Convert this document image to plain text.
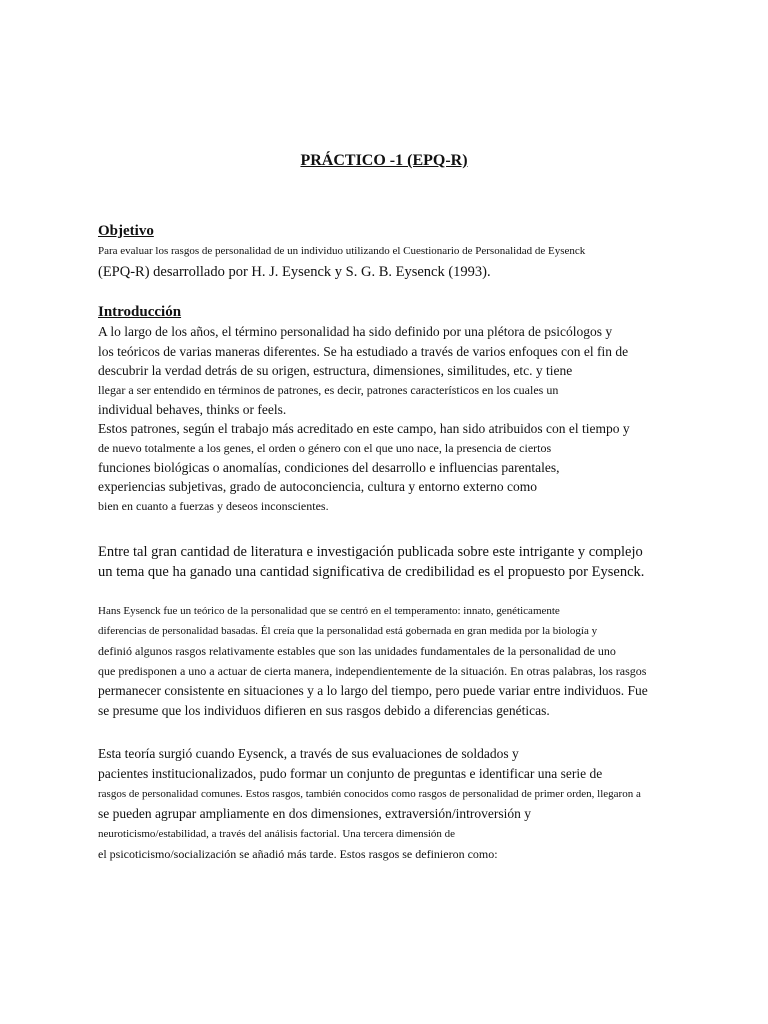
PRÁCTICO -1 (EPQ-R)
Objetivo
Para evaluar los rasgos de personalidad de un individuo utilizando el Cuestionario de Personalidad de Eysenck
(EPQ-R) desarrollado por H. J. Eysenck y S. G. B. Eysenck (1993).
Introducción
A lo largo de los años, el término personalidad ha sido definido por una plétora de psicólogos y
los teóricos de varias maneras diferentes. Se ha estudiado a través de varios enfoques con el fin de
descubrir la verdad detrás de su origen, estructura, dimensiones, similitudes, etc. y tiene
llegar a ser entendido en términos de patrones, es decir, patrones característicos en los cuales un
individual behaves, thinks or feels.
Estos patrones, según el trabajo más acreditado en este campo, han sido atribuidos con el tiempo y
de nuevo totalmente a los genes, el orden o género con el que uno nace, la presencia de ciertos
funciones biológicas o anomalías, condiciones del desarrollo e influencias parentales,
experiencias subjetivas, grado de autoconciencia, cultura y entorno externo como
bien en cuanto a fuerzas y deseos inconscientes.
Entre tal gran cantidad de literatura e investigación publicada sobre este intrigante y complejo
un tema que ha ganado una cantidad significativa de credibilidad es el propuesto por Eysenck.
Hans Eysenck fue un teórico de la personalidad que se centró en el temperamento: innato, genéticamente
diferencias de personalidad basadas. Él creía que la personalidad está gobernada en gran medida por la biología y
definió algunos rasgos relativamente estables que son las unidades fundamentales de la personalidad de uno
que predisponen a uno a actuar de cierta manera, independientemente de la situación. En otras palabras, los rasgos
permanecer consistente en situaciones y a lo largo del tiempo, pero puede variar entre individuos. Fue
se presume que los individuos difieren en sus rasgos debido a diferencias genéticas.
Esta teoría surgió cuando Eysenck, a través de sus evaluaciones de soldados y
pacientes institucionalizados, pudo formar un conjunto de preguntas e identificar una serie de
rasgos de personalidad comunes. Estos rasgos, también conocidos como rasgos de personalidad de primer orden, llegaron a
se pueden agrupar ampliamente en dos dimensiones, extraversión/introversión y
neuroticismo/estabilidad, a través del análisis factorial. Una tercera dimensión de
el psicoticismo/socialización se añadió más tarde. Estos rasgos se definieron como:
